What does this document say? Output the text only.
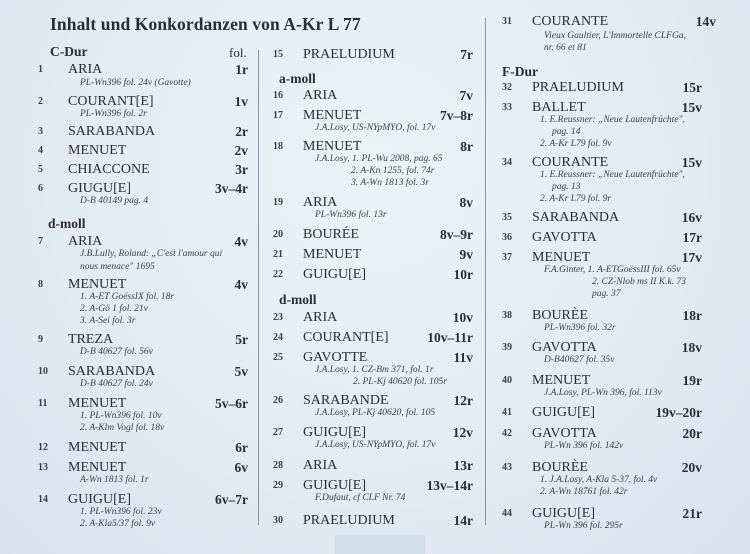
Inhalt und Konkordanzen von A-Kr L 77
C-Dur	fol.
1	ARIA	1r
PL-Wn396 fol. 24v (Gavotte)
2	COURANT[E]	1v
PL-Wn396 fol. 2r
3	SARABANDA	2r
4	MENUET	2v
5	CHIACCONE	3r
6	GIUGU[E]	3v–4r
D-B 40149 pag. 4
d-moll
7	ARIA	4v
J.B.Lully, Roland: „C'est l'amour qui
nous menace" 1695
8	MENUET	4v
1. A-ET GoëssIX fol. 18r
2. A-Gö 1 fol. 21v
3. A-Sei fol. 3r
9	TREZA	5r
D-B 40627 fol. 56v
10	SARABANDA	5v
D-B 40627 fol. 24v
11	MENUET	5v–6r
1. PL-Wn396 fol. 10v
2. A-Klm Vogl fol. 18v
12	MENUET	6r
13	MENUET	6v
A-Wn 1813 fol. 1r
14	GUIGU[E]	6v–7r
1. PL-Wn396 fol. 23v
2. A-Kla5/37 fol. 9v
15	PRAELUDIUM	7r
a-moll
16	ARIA	7v
17	MENUET	7v–8r
J.A.Losy, US-NYpMYO, fol. 17v
18	MENUET	8r
J.A.Losy, 1. PL-Wu 2008, pag. 65
2. A-Kn 1255, fol. 74r
3. A-Wn 1813 fol. 3r
19	ARIA	8v
PL-Wn396 fol. 13r
20	BOURÉE	8v–9r
21	MENUET	9v
22	GUIGU[E]	10r
d-moll
23	ARIA	10v
24	COURANT[E]	10v–11r
25	GAVOTTE	11v
J.A.Losy, 1. CZ-Bm 371, fol. 1r
2. PL-Kj 40620 fol. 105r
26	SARABANDE	12r
J.A.Losy, PL-Kj 40620, fol. 105
27	GUIGU[E]	12v
J.A.Losy, US-NYpMYO, fol. 17v
28	ARIA	13r
29	GUIGU[E]	13v–14r
F.Dufaut, cf CLF Nr. 74
30	PRAELUDIUM	14r
31	COURANTE	14v
Vieux Gaultier, L'Immortelle CLFGa,
nr. 66 et 81
F-Dur
32	PRAELUDIUM	15r
33	BALLET	15v
1. E.Reussner: „Neue Lautenfrüchte",
pag. 14
2. A-Kr L79 fol. 9v
34	COURANTE	15v
1. E.Reussner: „Neue Lautenfrüchte",
pag. 13
2. A-Kr L79 fol. 9r
35	SARABANDA	16v
36	GAVOTTA	17r
37	MENUET	17v
F.A.Ginter, 1. A-ETGoëssIII fol. 65v
2. CZ-Nlob ms II K.k. 73
pag. 37
38	BOURÈE	18r
PL-Wn396 fol. 32r
39	GAVOTTA	18v
D-B40627 fol. 35v
40	MENUET	19r
J.A.Losy, PL-Wn 396, fol. 113v
41	GUIGU[E]	19v–20r
42	GAVOTTA	20r
PL-Wn 396 fol. 142v
43	BOURÈE	20v
1. J.A.Losy, A-Kla 5-37, fol. 4v
2. A-Wn 18761 fol. 42r
44	GUIGU[E]	21r
PL-Wn 396 fol. 295r
